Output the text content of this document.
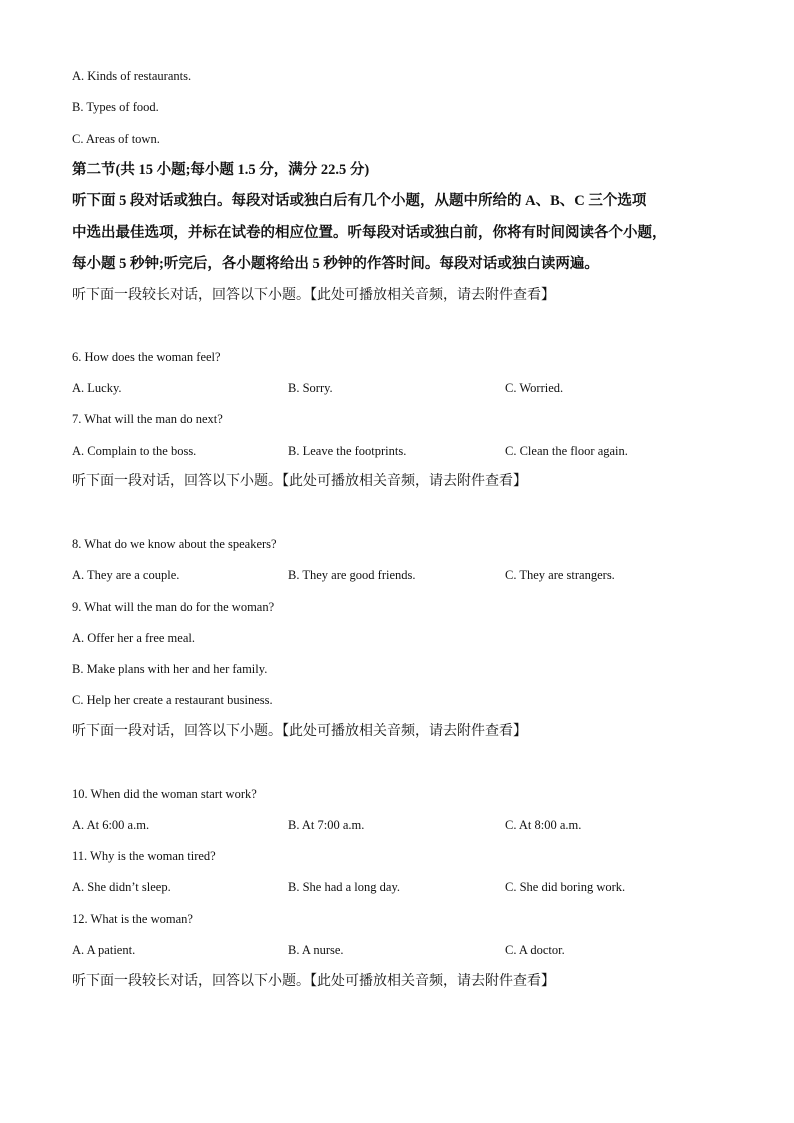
A. Kinds of restaurants.
B. Types of food.
C. Areas of town.
第二节(共 15 小题;每小题 1.5 分，满分 22.5 分)
听下面 5 段对话或独白。每段对话或独白后有几个小题，从题中所给的 A、B、C 三个选项
中选出最佳选项，并标在试卷的相应位置。听每段对话或独白前，你将有时间阅读各个小题，
每小题 5 秒钟;听完后，各小题将给出 5 秒钟的作答时间。每段对话或独白读两遍。
听下面一段较长对话，回答以下小题。【此处可播放相关音频，请去附件查看】
6. How does the woman feel?
A. Lucky.	B. Sorry.	C. Worried.
7. What will the man do next?
A. Complain to the boss.	B. Leave the footprints.	C. Clean the floor again.
听下面一段对话，回答以下小题。【此处可播放相关音频，请去附件查看】
8. What do we know about the speakers?
A. They are a couple.	B. They are good friends.	C. They are strangers.
9. What will the man do for the woman?
A. Offer her a free meal.
B. Make plans with her and her family.
C. Help her create a restaurant business.
听下面一段对话，回答以下小题。【此处可播放相关音频，请去附件查看】
10. When did the woman start work?
A. At 6:00 a.m.	B. At 7:00 a.m.	C. At 8:00 a.m.
11. Why is the woman tired?
A. She didn’t sleep.	B. She had a long day.	C. She did boring work.
12. What is the woman?
A. A patient.	B. A nurse.	C. A doctor.
听下面一段较长对话，回答以下小题。【此处可播放相关音频，请去附件查看】
